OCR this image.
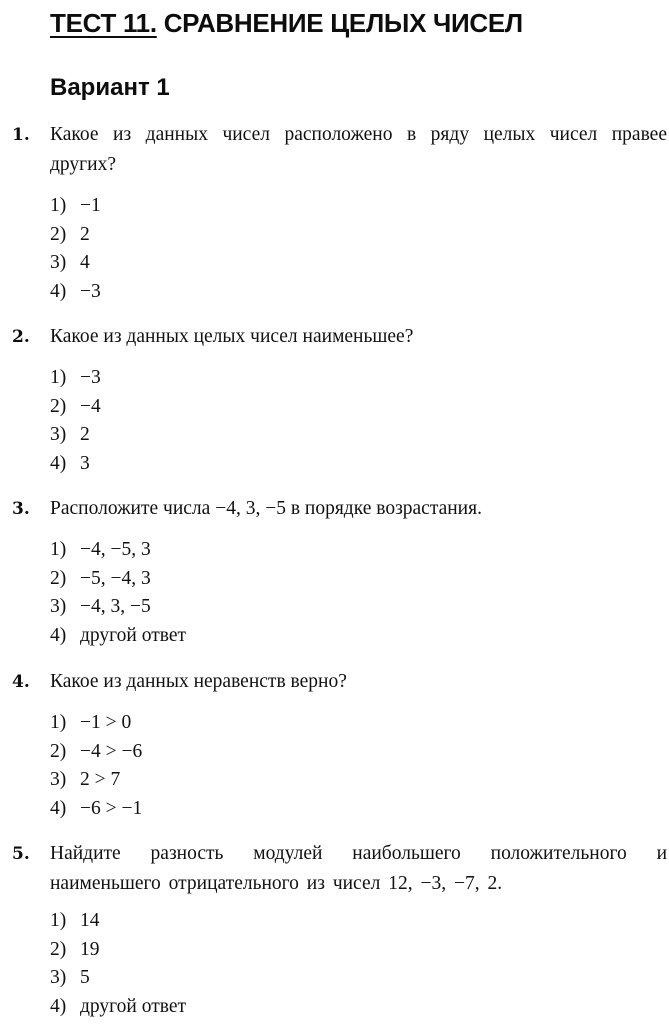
ТЕСТ 11. СРАВНЕНИЕ ЦЕЛЫХ ЧИСЕЛ
Вариант 1
1. Какое из данных чисел расположено в ряду целых чисел правее других?
1) −1
2) 2
3) 4
4) −3
2. Какое из данных целых чисел наименьшее?
1) −3
2) −4
3) 2
4) 3
3. Расположите числа −4, 3, −5 в порядке возрастания.
1) −4, −5, 3
2) −5, −4, 3
3) −4, 3, −5
4) другой ответ
4. Какое из данных неравенств верно?
1) −1 > 0
2) −4 > −6
3) 2 > 7
4) −6 > −1
5. Найдите разность модулей наибольшего положительного и наименьшего отрицательного из чисел 12, −3, −7, 2.
1) 14
2) 19
3) 5
4) другой ответ
